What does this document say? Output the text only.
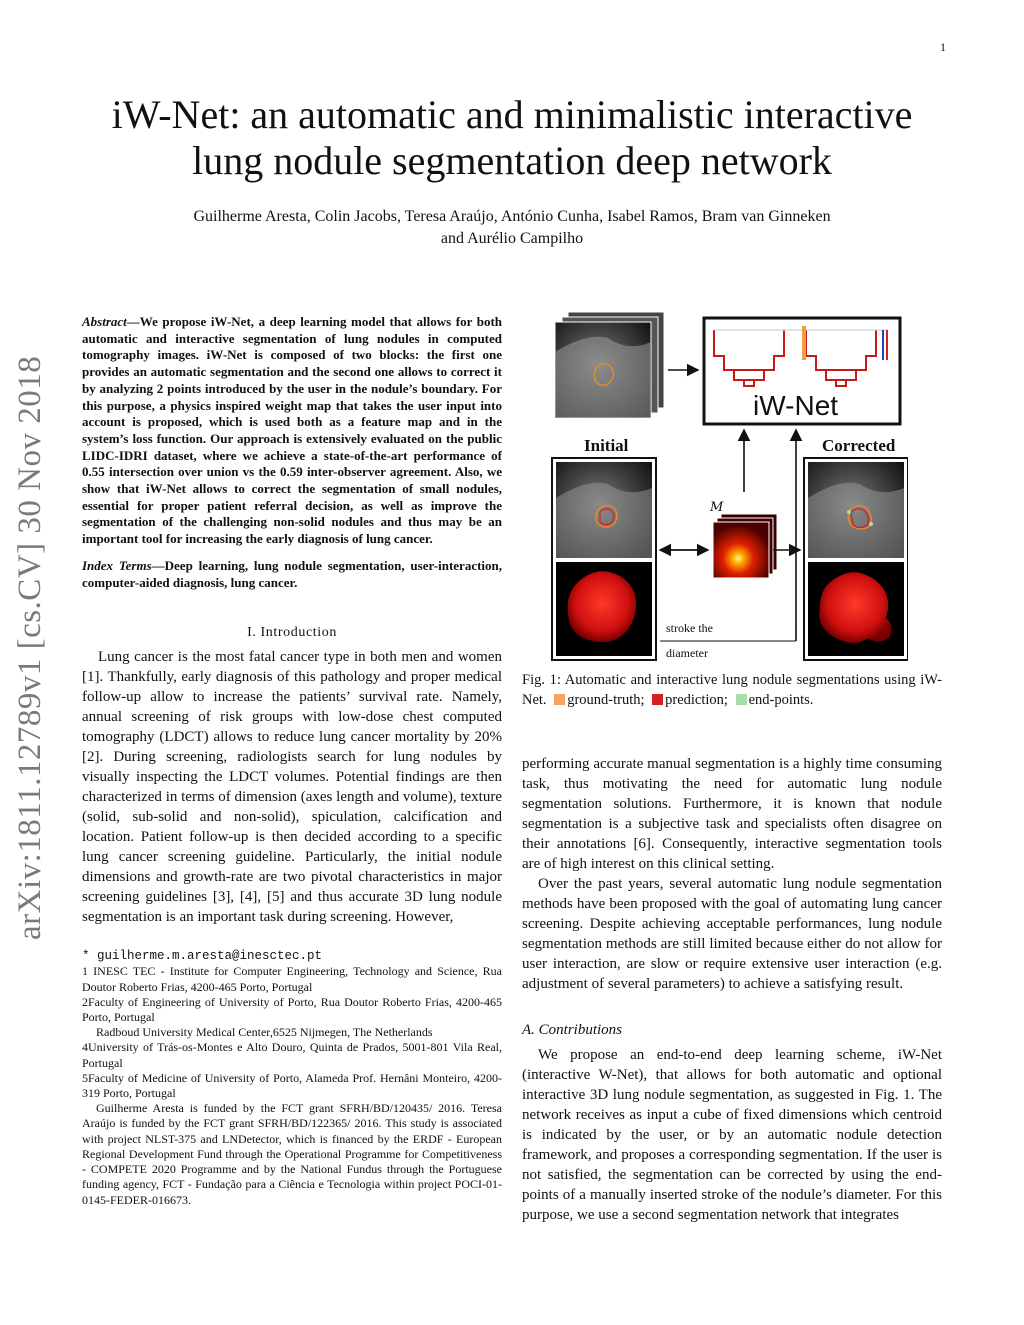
1
arXiv:1811.12789v1 [cs.CV] 30 Nov 2018
iW-Net: an automatic and minimalistic interactive
lung nodule segmentation deep network
Guilherme Aresta, Colin Jacobs, Teresa Araújo, António Cunha, Isabel Ramos, Bram van Ginneken
and Aurélio Campilho
Abstract—We propose iW-Net, a deep learning model that allows for both automatic and interactive segmentation of lung nodules in computed tomography images. iW-Net is composed of two blocks: the first one provides an automatic segmentation and the second one allows to correct it by analyzing 2 points introduced by the user in the nodule’s boundary. For this purpose, a physics inspired weight map that takes the user input into account is proposed, which is used both as a feature map and in the system’s loss function. Our approach is extensively evaluated on the public LIDC-IDRI dataset, where we achieve a state-of-the-art performance of 0.55 intersection over union vs the 0.59 inter-observer agreement. Also, we show that iW-Net allows to correct the segmentation of small nodules, essential for proper patient referral decision, as well as improve the segmentation of the challenging non-solid nodules and thus may be an important tool for increasing the early diagnosis of lung cancer.
Index Terms—Deep learning, lung nodule segmentation, user-interaction, computer-aided diagnosis, lung cancer.
I. Introduction

Lung cancer is the most fatal cancer type in both men and women [1]. Thankfully, early diagnosis of this pathology and proper medical follow-up allow to increase the patients’ survival rate. Namely, annual screening of risk groups with low-dose chest computed tomography (LDCT) allows to reduce lung cancer mortality by 20% [2]. During screening, radiologists search for lung nodules by visually inspecting the LDCT volumes. Potential findings are then characterized in terms of dimension (axes length and volume), texture (solid, sub-solid and non-solid), spiculation, calcification and location. Patient follow-up is then decided according to a specific lung cancer screening guideline. Particularly, the initial nodule dimensions and growth-rate are two pivotal characteristics in major screening guidelines [3], [4], [5] and thus accurate 3D lung nodule segmentation is an important task during screening. However,

* guilherme.m.aresta@inesctec.pt
1 INESC TEC - Institute for Computer Engineering, Technology and Science, Rua Doutor Roberto Frias, 4200-465 Porto, Portugal
2Faculty of Engineering of University of Porto, Rua Doutor Roberto Frias, 4200-465 Porto, Portugal
Radboud University Medical Center,6525 Nijmegen, The Netherlands
4University of Trás-os-Montes e Alto Douro, Quinta de Prados, 5001-801 Vila Real, Portugal
5Faculty of Medicine of University of Porto, Alameda Prof. Hernâni Monteiro, 4200-319 Porto, Portugal
Guilherme Aresta is funded by the FCT grant SFRH/BD/120435/ 2016. Teresa Araújo is funded by the FCT grant SFRH/BD/122365/ 2016. This study is associated with project NLST-375 and LNDetector, which is financed by the ERDF - European Regional Development Fund through the Operational Programme for Competitiveness - COMPETE 2020 Programme and by the National Fundus through the Portuguese funding agency, FCT - Fundação para a Ciência e Tecnologia within project POCI-01-0145-FEDER-016673.
iW-Net
Initial	Corrected
M
stroke the
diameter
Fig. 1: Automatic and interactive lung nodule segmentations using iW-Net. ground-truth; prediction; end-points.

performing accurate manual segmentation is a highly time consuming task, thus motivating the need for automatic lung nodule segmentation solutions. Furthermore, it is known that nodule segmentation is a subjective task and specialists often disagree on their annotations [6]. Consequently, interactive segmentation tools are of high interest on this clinical setting.

Over the past years, several automatic lung nodule segmentation methods have been proposed with the goal of automating lung cancer screening. Despite achieving acceptable performances, lung nodule segmentation methods are still limited because either do not allow for user interaction, are slow or require extensive user interaction (e.g. adjustment of several parameters) to achieve a satisfying result.

A. Contributions

We propose an end-to-end deep learning scheme, iW-Net (interactive W-Net), that allows for both automatic and optional interactive 3D lung nodule segmentation, as suggested in Fig. 1. The network receives as input a cube of fixed dimensions which centroid is indicated by the user, or by an automatic nodule detection framework, and proposes a corresponding segmentation. If the user is not satisfied, the segmentation can be corrected by using the end-points of a manually inserted stroke of the nodule’s diameter. For this purpose, we use a second segmentation network that integrates
